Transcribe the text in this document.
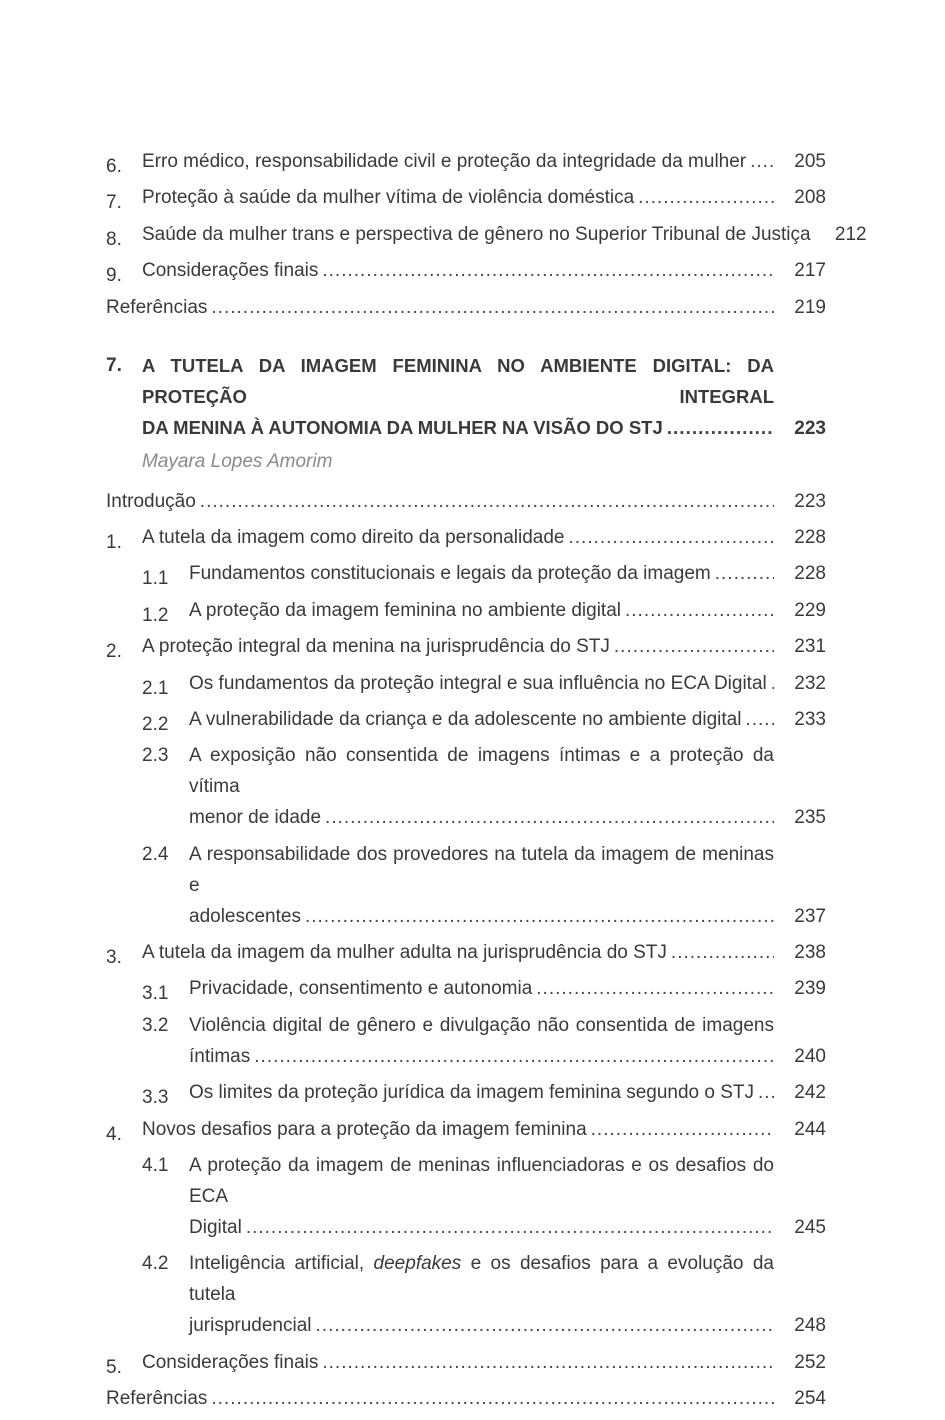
6.	Erro médico, responsabilidade civil e proteção da integridade da mulher .....	205
7.	Proteção à saúde da mulher vítima de violência doméstica .....	208
8.	Saúde da mulher trans e perspectiva de gênero no Superior Tribunal de Justiça	212
9.	Considerações finais .....	217
Referências .....	219
7.	A TUTELA DA IMAGEM FEMININA NO AMBIENTE DIGITAL: DA PROTEÇÃO INTEGRAL
DA MENINA À AUTONOMIA DA MULHER NA VISÃO DO STJ .....	223
Mayara Lopes Amorim
Introdução .....	223
1.	A tutela da imagem como direito da personalidade .....	228
1.1	Fundamentos constitucionais e legais da proteção da imagem .....	228
1.2	A proteção da imagem feminina no ambiente digital .....	229
2.	A proteção integral da menina na jurisprudência do STJ .....	231
2.1	Os fundamentos da proteção integral e sua influência no ECA Digital .....	232
2.2	A vulnerabilidade da criança e da adolescente no ambiente digital .....	233
2.3	A exposição não consentida de imagens íntimas e a proteção da vítima
menor de idade .....	235
2.4	A responsabilidade dos provedores na tutela da imagem de meninas e
adolescentes .....	237
3.	A tutela da imagem da mulher adulta na jurisprudência do STJ .....	238
3.1	Privacidade, consentimento e autonomia .....	239
3.2	Violência digital de gênero e divulgação não consentida de imagens
íntimas .....	240
3.3	Os limites da proteção jurídica da imagem feminina segundo o STJ .....	242
4.	Novos desafios para a proteção da imagem feminina .....	244
4.1	A proteção da imagem de meninas influenciadoras e os desafios do ECA
Digital .....	245
4.2	Inteligência artificial, deepfakes e os desafios para a evolução da tutela
jurisprudencial .....	248
5.	Considerações finais .....	252
Referências .....	254
